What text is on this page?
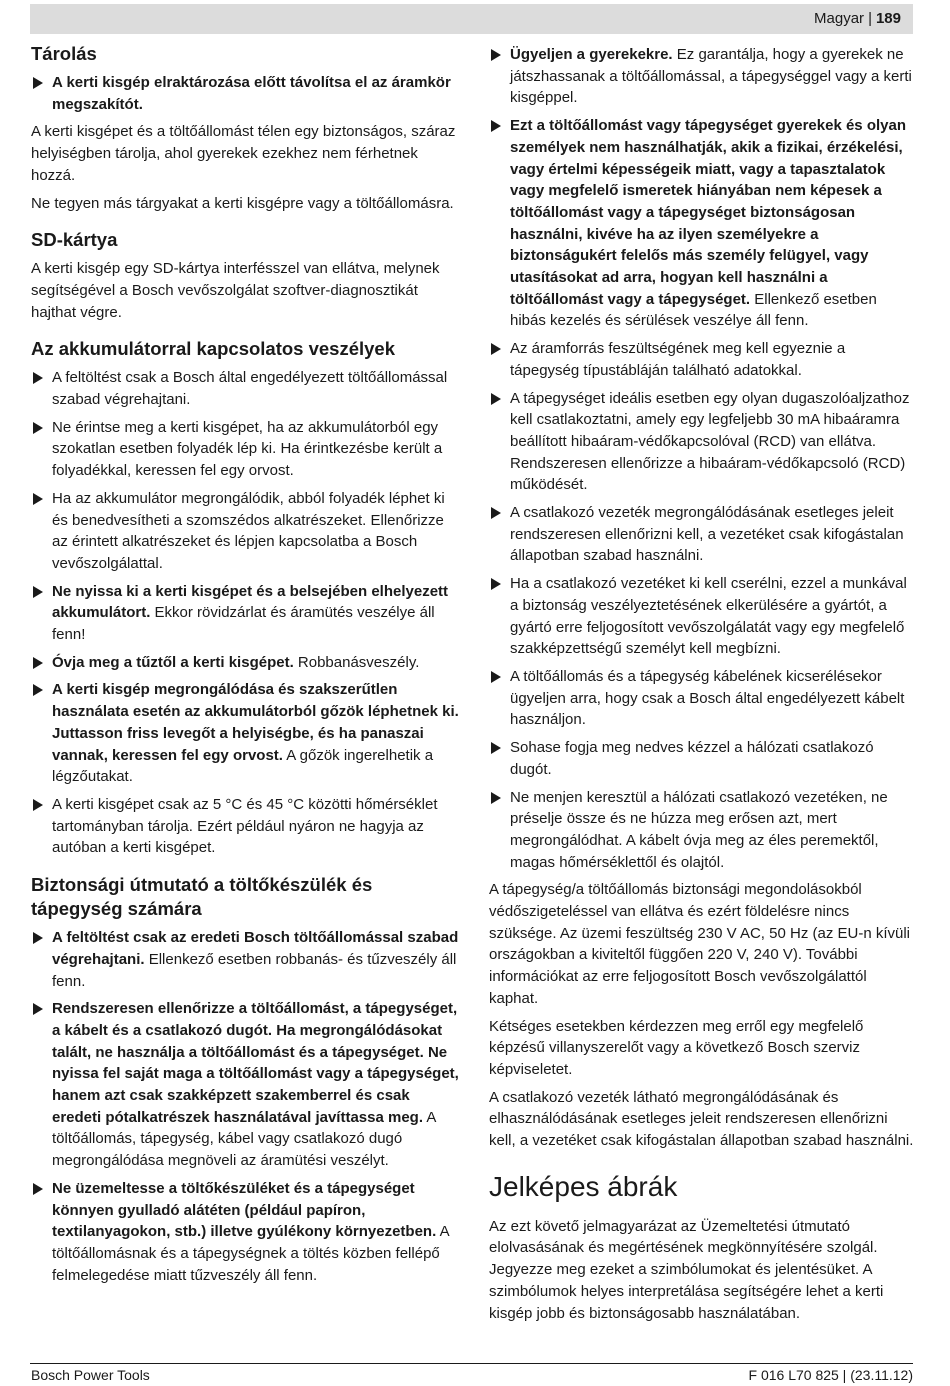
Magyar | 189
Tárolás
A kerti kisgép elraktározása előtt távolítsa el az áramkör megszakítót.

A kerti kisgépet és a töltőállomást télen egy biztonságos, száraz helyiségben tárolja, ahol gyerekek ezekhez nem férhetnek hozzá.

Ne tegyen más tárgyakat a kerti kisgépre vagy a töltőállomásra.

SD-kártya

A kerti kisgép egy SD-kártya interfésszel van ellátva, melynek segítségével a Bosch vevőszolgálat szoftver-diagnosztikát hajthat végre.

Az akkumulátorral kapcsolatos veszélyek
A feltöltést csak a Bosch által engedélyezett töltőállomással szabad végrehajtani.
Ne érintse meg a kerti kisgépet, ha az akkumulátorból egy szokatlan esetben folyadék lép ki. Ha érintkezésbe került a folyadékkal, keressen fel egy orvost.
Ha az akkumulátor megrongálódik, abból folyadék léphet ki és benedvesítheti a szomszédos alkatrészeket. Ellenőrizze az érintett alkatrészeket és lépjen kapcsolatba a Bosch vevőszolgálattal.
Ne nyissa ki a kerti kisgépet és a belsejében elhelyezett akkumulátort. Ekkor rövidzárlat és áramütés veszélye áll fenn!
Óvja meg a tűztől a kerti kisgépet. Robbanásveszély.
A kerti kisgép megrongálódása és szakszerűtlen használata esetén az akkumulátorból gőzök léphetnek ki. Juttasson friss levegőt a helyiségbe, és ha panaszai vannak, keressen fel egy orvost. A gőzök ingerelhetik a légzőutakat.
A kerti kisgépet csak az 5 °C és 45 °C közötti hőmérséklet tartományban tárolja. Ezért például nyáron ne hagyja az autóban a kerti kisgépet.
Biztonsági útmutató a töltőkészülék és tápegység számára
A feltöltést csak az eredeti Bosch töltőállomással szabad végrehajtani. Ellenkező esetben robbanás- és tűzveszély áll fenn.
Rendszeresen ellenőrizze a töltőállomást, a tápegységet, a kábelt és a csatlakozó dugót. Ha megrongálódásokat talált, ne használja a töltőállomást és a tápegységet. Ne nyissa fel saját maga a töltőállomást vagy a tápegységet, hanem azt csak szakképzett szakemberrel és csak eredeti pótalkatrészek használatával javíttassa meg. A töltőállomás, tápegység, kábel vagy csatlakozó dugó megrongálódása megnöveli az áramütési veszélyt.
Ne üzemeltesse a töltőkészüléket és a tápegységet könnyen gyulladó alátéten (például papíron, textilanyagokon, stb.) illetve gyúlékony környezetben. A töltőállomásnak és a tápegységnek a töltés közben fellépő felmelegedése miatt tűzveszély áll fenn.
Ügyeljen a gyerekekre. Ez garantálja, hogy a gyerekek ne játszhassanak a töltőállomással, a tápegységgel vagy a kerti kisgéppel.
Ezt a töltőállomást vagy tápegységet gyerekek és olyan személyek nem használhatják, akik a fizikai, érzékelési, vagy értelmi képességeik miatt, vagy a tapasztalatok vagy megfelelő ismeretek hiányában nem képesek a töltőállomást vagy a tápegységet biztonságosan használni, kivéve ha az ilyen személyekre a biztonságukért felelős más személy felügyel, vagy utasításokat ad arra, hogyan kell használni a töltőállomást vagy a tápegységet. Ellenkező esetben hibás kezelés és sérülések veszélye áll fenn.
Az áramforrás feszültségének meg kell egyeznie a tápegység típustábláján található adatokkal.
A tápegységet ideális esetben egy olyan dugaszolóaljzathoz kell csatlakoztatni, amely egy legfeljebb 30 mA hibaáramra beállított hibaáram-védőkapcsolóval (RCD) van ellátva. Rendszeresen ellenőrizze a hibaáram-védőkapcsoló (RCD) működését.
A csatlakozó vezeték megrongálódásának esetleges jeleit rendszeresen ellenőrizni kell, a vezetéket csak kifogástalan állapotban szabad használni.
Ha a csatlakozó vezetéket ki kell cserélni, ezzel a munkával a biztonság veszélyeztetésének elkerülésére a gyártót, a gyártó erre feljogosított vevőszolgálatát vagy egy megfelelő szakképzettségű személyt kell megbízni.
A töltőállomás és a tápegység kábelének kicserélésekor ügyeljen arra, hogy csak a Bosch által engedélyezett kábelt használjon.
Sohase fogja meg nedves kézzel a hálózati csatlakozó dugót.
Ne menjen keresztül a hálózati csatlakozó vezetéken, ne préselje össze és ne húzza meg erősen azt, mert megrongálódhat. A kábelt óvja meg az éles peremektől, magas hőmérséklettől és olajtól.

A tápegység/a töltőállomás biztonsági megondolásokból védőszigeteléssel van ellátva és ezért földelésre nincs szüksége. Az üzemi feszültség 230 V AC, 50 Hz (az EU-n kívüli országokban a kiviteltől függően 220 V, 240 V). További információkat az erre feljogosított Bosch vevőszolgálattól kaphat.

Kétséges esetekben kérdezzen meg erről egy megfelelő képzésű villanyszerelőt vagy a következő Bosch szerviz képviseletet.

A csatlakozó vezeték látható megrongálódásának és elhasználódásának esetleges jeleit rendszeresen ellenőrizni kell, a vezetéket csak kifogástalan állapotban szabad használni.

Jelképes ábrák

Az ezt követő jelmagyarázat az Üzemeltetési útmutató elolvasásának és megértésének megkönnyítésére szolgál. Jegyezze meg ezeket a szimbólumokat és jelentésüket. A szimbólumok helyes interpretálása segítségére lehet a kerti kisgép jobb és biztonságosabb használatában.

Bosch Power Tools	F 016 L70 825 | (23.11.12)
